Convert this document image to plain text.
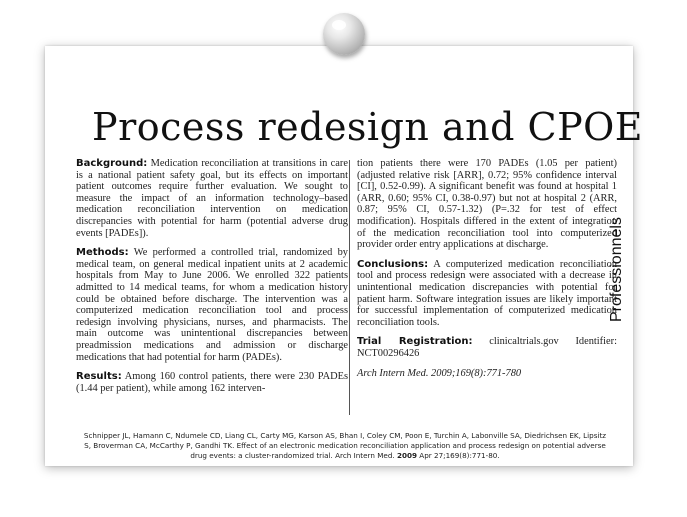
Process redesign and CPOE

Background: Medication reconciliation at transitions in care is a national patient safety goal, but its effects on important patient outcomes require further evaluation. We sought to measure the impact of an information technology–based medication reconciliation intervention on medication discrepancies with potential for harm (potential adverse drug events [PADEs]).

Methods: We performed a controlled trial, randomized by medical team, on general medical inpatient units at 2 academic hospitals from May to June 2006. We enrolled 322 patients admitted to 14 medical teams, for whom a medication history could be obtained before discharge. The intervention was a computerized medication reconciliation tool and process redesign involving physicians, nurses, and pharmacists. The main outcome was unintentional discrepancies between preadmission medications and admission or discharge medications that had potential for harm (PADEs).

Results: Among 160 control patients, there were 230 PADEs (1.44 per patient), while among 162 interven-

tion patients there were 170 PADEs (1.05 per patient) (adjusted relative risk [ARR], 0.72; 95% confidence interval [CI], 0.52-0.99). A significant benefit was found at hospital 1 (ARR, 0.60; 95% CI, 0.38-0.97) but not at hospital 2 (ARR, 0.87; 95% CI, 0.57-1.32) (P=.32 for test of effect modification). Hospitals differed in the extent of integration of the medication reconciliation tool into computerized provider order entry applications at discharge.

Conclusions: A computerized medication reconciliation tool and process redesign were associated with a decrease in unintentional medication discrepancies with potential for patient harm. Software integration issues are likely important for successful implementation of computerized medication reconciliation tools.

Trial Registration: clinicaltrials.gov Identifier: NCT00296426

Arch Intern Med. 2009;169(8):771-780

Schnipper JL, Hamann C, Ndumele CD, Liang CL, Carty MG, Karson AS, Bhan I, Coley CM, Poon E, Turchin A, Labonville SA, Diedrichsen EK, Lipsitz S, Broverman CA, McCarthy P, Gandhi TK. Effect of an electronic medication reconciliation application and process redesign on potential adverse drug events: a cluster-randomized trial. Arch Intern Med. 2009 Apr 27;169(8):771-80.
Professionnels
